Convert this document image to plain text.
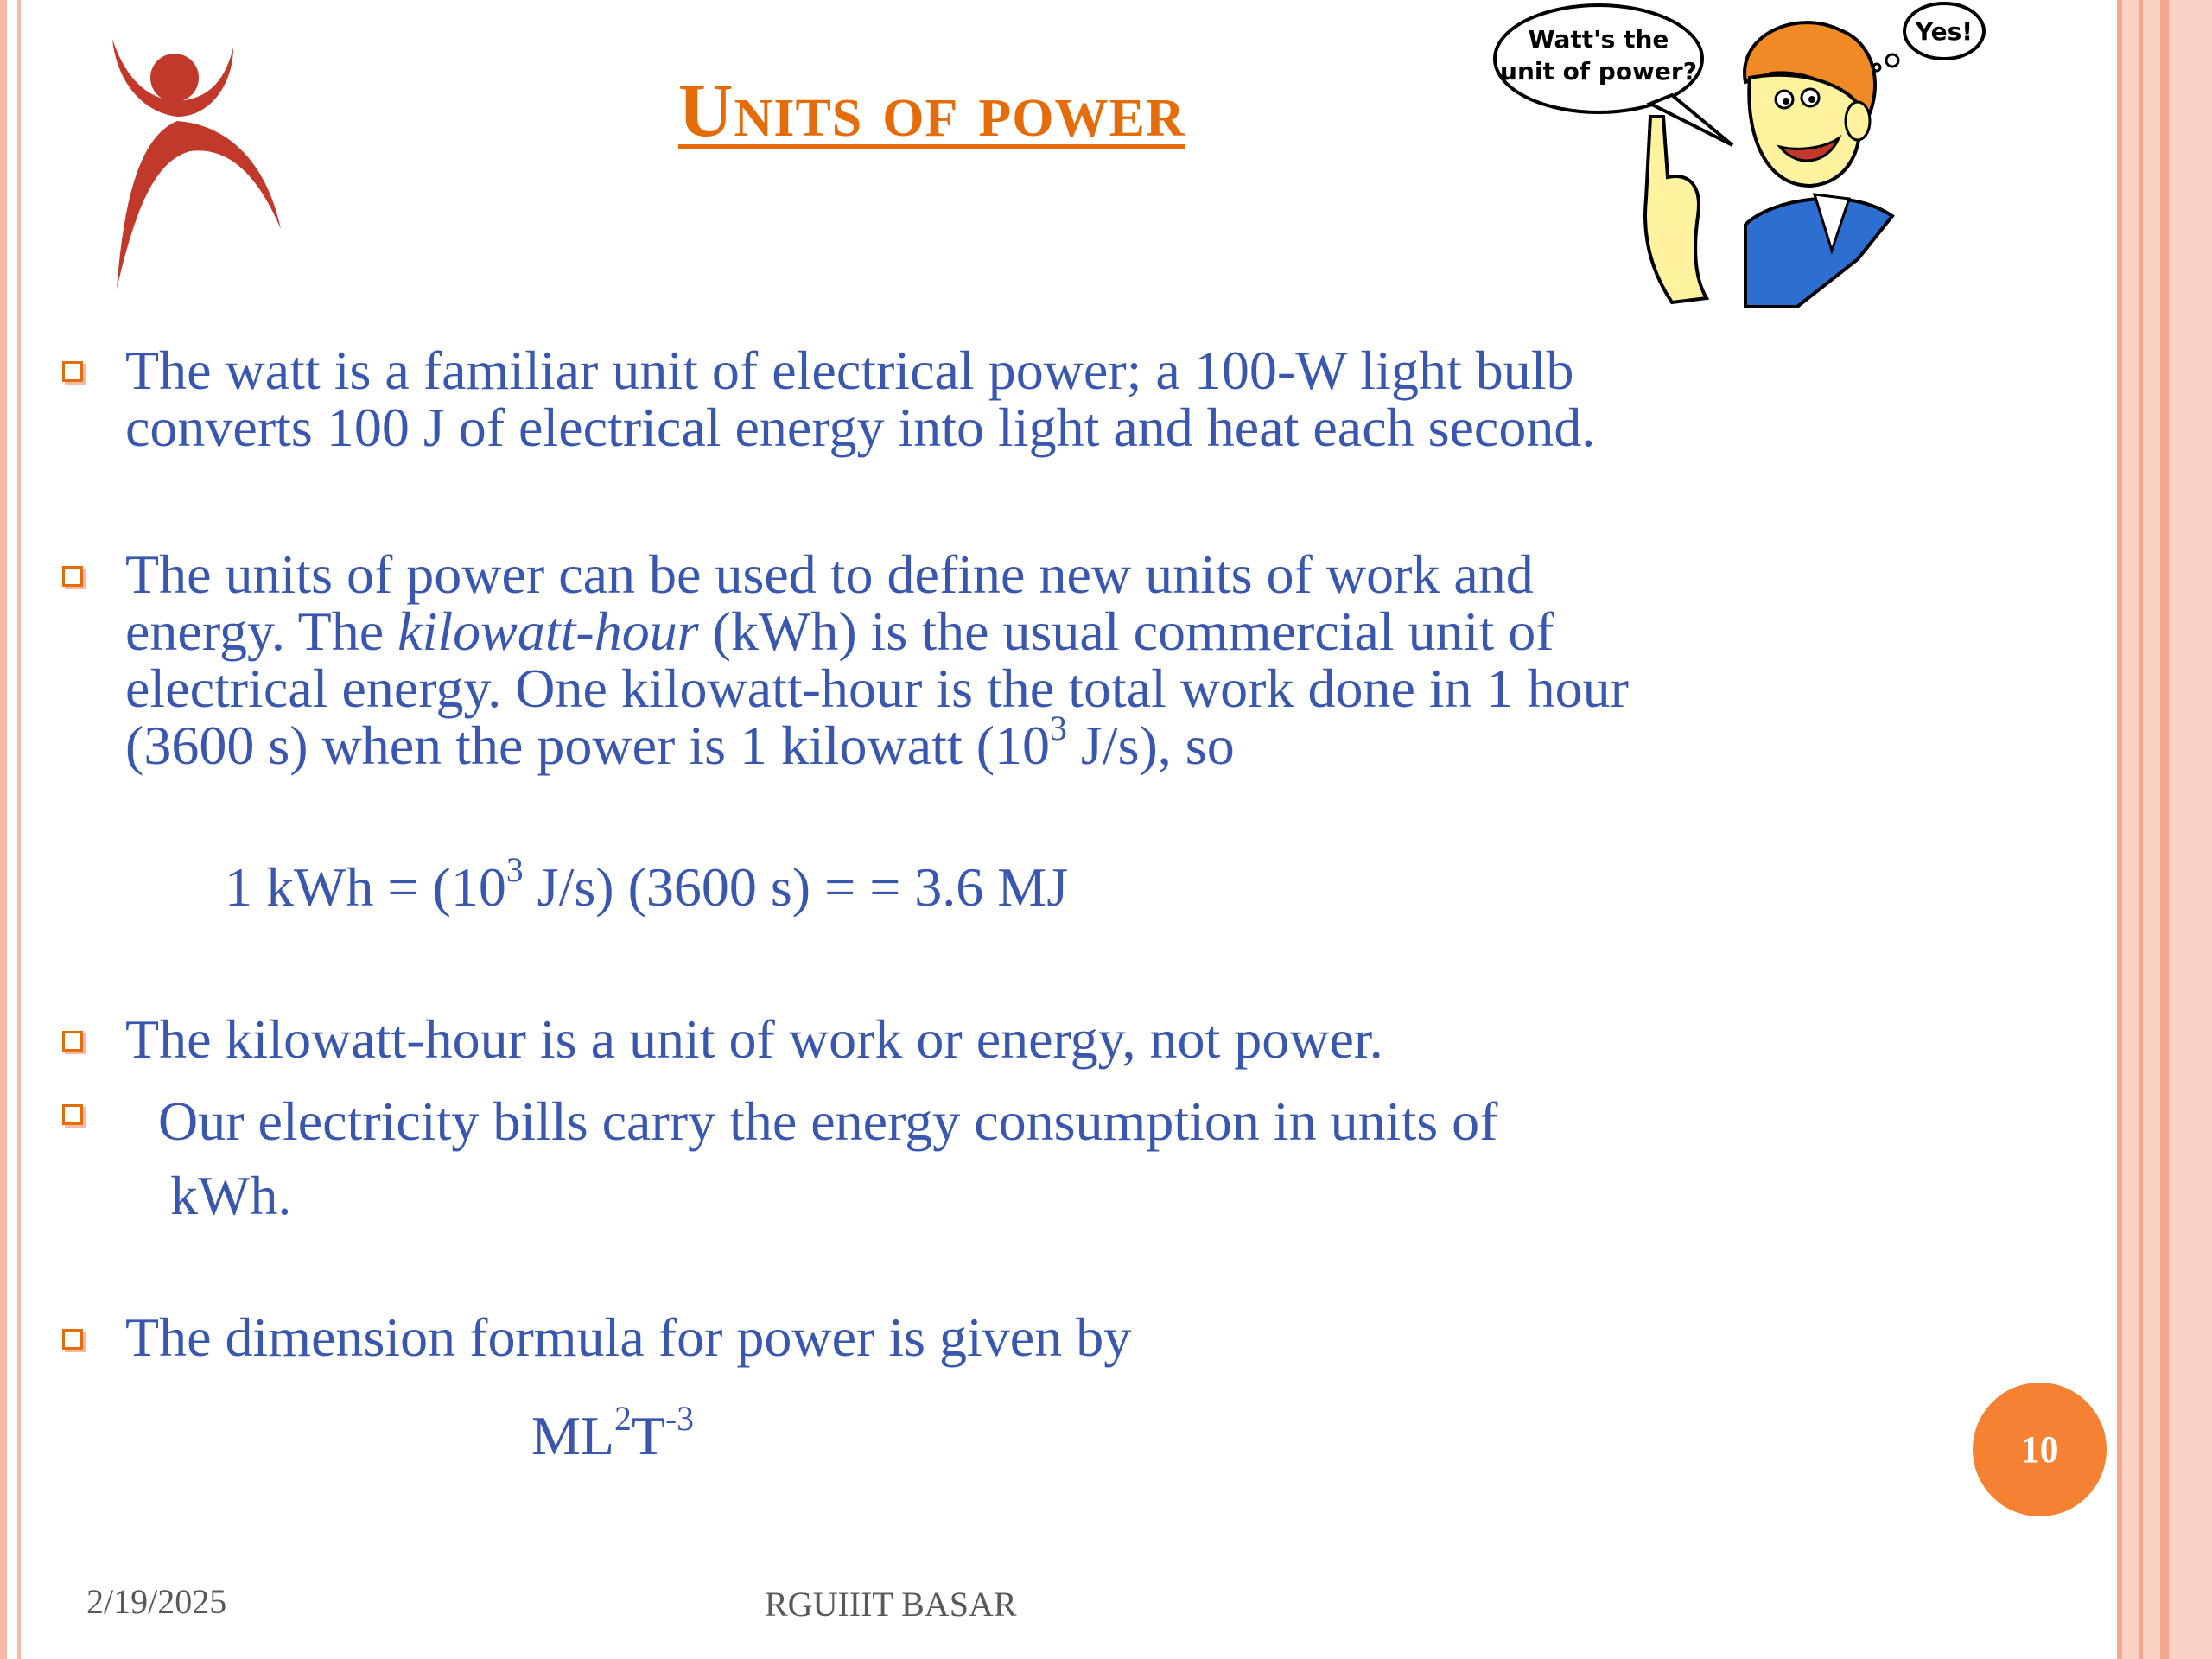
Units of power
Watt's the
unit of power?
Yes!

The watt is a familiar unit of electrical power; a 100-W light bulb

converts 100 J of electrical energy into light and heat each second.

The units of power can be used to define new units of work and

energy. The kilowatt-hour (kWh) is the usual commercial unit of

electrical energy. One kilowatt-hour is the total work done in 1 hour

(3600 s) when the power is 1 kilowatt ($10^3$ J/s), so

1 kWh = ($10^3$ J/s) (3600 s) = = 3.6 MJ

The kilowatt-hour is a unit of work or energy, not power.

Our electricity bills carry the energy consumption in units of

kWh.

The dimension formula for power is given by

$ML^2T^{-3}$
10
2/19/2025	RGUIIIT BASAR
